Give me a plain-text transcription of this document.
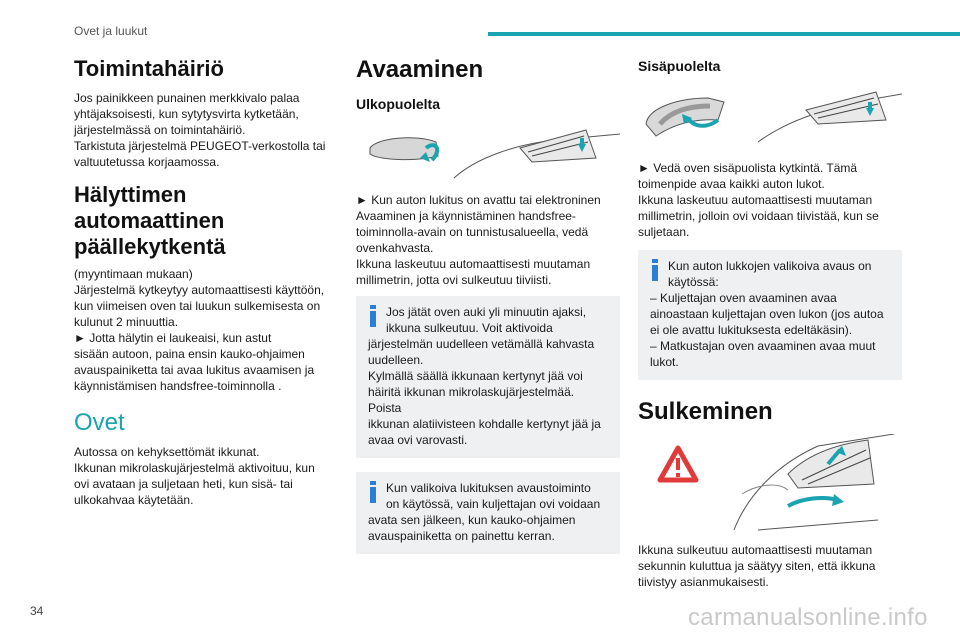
Ovet ja luukut
Toimintahäiriö

Jos painikkeen punainen merkkivalo palaa

yhtäjaksoisesti, kun sytytysvirta kytketään,

järjestelmässä on toimintahäiriö.

Tarkistuta järjestelmä PEUGEOT-verkostolla tai

valtuutetussa korjaamossa.

Hälyttimen automaattinen
päällekytkentä

(myyntimaan mukaan)

Järjestelmä kytkeytyy automaattisesti käyttöön,

kun viimeisen oven tai luukun sulkemisesta on

kulunut 2 minuuttia.

► Jotta hälytin ei laukeaisi, kun astut

sisään autoon, paina ensin kauko-ohjaimen

avauspainiketta tai avaa lukitus avaamisen ja

käynnistämisen handsfree-toiminnolla .

Ovet

Autossa on kehyksettömät ikkunat.

Ikkunan mikrolaskujärjestelmä aktivoituu, kun

ovi avataan ja suljetaan heti, kun sisä- tai

ulkokahvaa käytetään.

Avaaminen
Ulkopuolelta

► Kun auton lukitus on avattu tai elektroninen

Avaaminen ja käynnistäminen handsfree-

toiminnolla-avain on tunnistusalueella, vedä

ovenkahvasta.

Ikkuna laskeutuu automaattisesti muutaman

millimetrin, jotta ovi sulkeutuu tiiviisti.

Jos jätät oven auki yli minuutin ajaksi,

ikkuna sulkeutuu. Voit aktivoida

järjestelmän uudelleen vetämällä kahvasta

uudelleen.

Kylmällä säällä ikkunaan kertynyt jää voi

häiritä ikkunan mikrolaskujärjestelmää. Poista

ikkunan alatiivisteen kohdalle kertynyt jää ja

avaa ovi varovasti.

Kun valikoiva lukituksen avaustoiminto

on käytössä, vain kuljettajan ovi voidaan

avata sen jälkeen, kun kauko-ohjaimen

avauspainiketta on painettu kerran.

Sisäpuolelta

► Vedä oven sisäpuolista kytkintä. Tämä

toimenpide avaa kaikki auton lukot.

Ikkuna laskeutuu automaattisesti muutaman

millimetrin, jolloin ovi voidaan tiivistää, kun se

suljetaan.

Kun auton lukkojen valikoiva avaus on

käytössä:

– Kuljettajan oven avaaminen avaa

ainoastaan kuljettajan oven lukon (jos autoa

ei ole avattu lukituksesta edeltäkäsin).

– Matkustajan oven avaaminen avaa muut

lukot.

Sulkeminen

Ikkuna sulkeutuu automaattisesti muutaman

sekunnin kuluttua ja säätyy siten, että ikkuna

tiivistyy asianmukaisesti.

34	carmanualsonline.info
